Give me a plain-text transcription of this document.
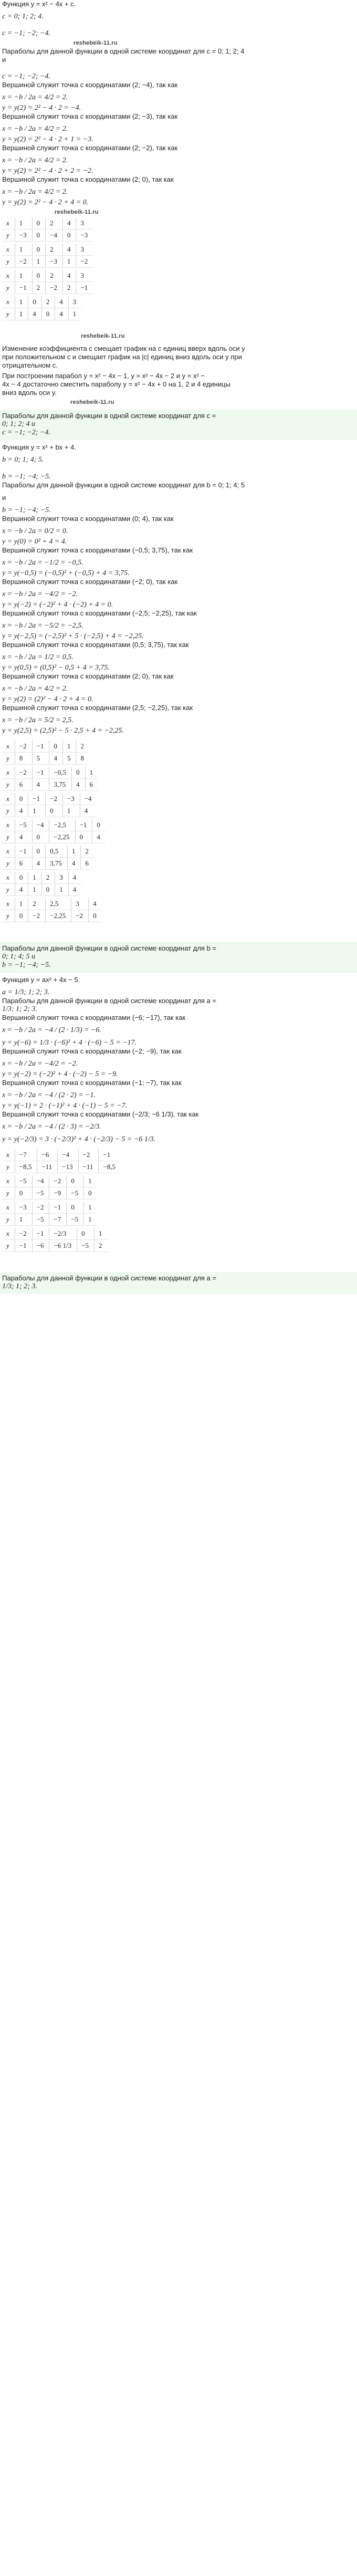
Функция y = x² − 4x + c.

c = 0; 1; 2; 4.

c = −1; −2; −4.

reshebeik-11.ru

Параболы для данной функции в одной системе координат для c = 0; 1; 2; 4

и

c = −1; −2; −4.

Вершиной служит точка с координатами (2; −4), так как

x = −b / 2a = 4/2 = 2.

y = y(2) = 2² − 4 · 2 = −4.

Вершиной служит точка с координатами (2; −3), так как

x = −b / 2a = 4/2 = 2.

y = y(2) = 2² − 4 · 2 + 1 = −3.

Вершиной служит точка с координатами (2; −2), так как

x = −b / 2a = 4/2 = 2.

y = y(2) = 2² − 4 · 2 + 2 = −2.

Вершиной служит точка с координатами (2; 0), так как

x = −b / 2a = 4/2 = 2.

y = y(2) = 2² − 4 · 2 + 4 = 0.

reshebeik-11.ru
x	1	0	2	4	3
y	−3	0	−4	0	−3
x	1	0	2	4	3
y	−2	1	−3	1	−2
x	1	0	2	4	3
y	−1	2	−2	2	−1
x	1	0	2	4	3
y	1	4	0	4	1
reshebeik-11.ru

Изменение коэффициента c смещает график на c единиц вверх вдоль оси y

при положительном c и смещает график на |c| единиц вниз вдоль оси y при

отрицательном c.

При построении парабол y = x² − 4x − 1, y = x² − 4x − 2 и y = x² −

4x − 4 достаточно сместить параболу y = x² − 4x + 0 на 1, 2 и 4 единицы

вниз вдоль оси y.

reshebeik-11.ru

Параболы для данной функции в одной системе координат для c =

0; 1; 2; 4 и

c = −1; −2; −4.

Функция y = x² + bx + 4.

b = 0; 1; 4; 5.

b = −1; −4; −5.

Параболы для данной функции в одной системе координат для b = 0; 1; 4; 5

и

b = −1; −4; −5.

Вершиной служит точка с координатами (0; 4), так как

x = −b / 2a = 0/2 = 0.

y = y(0) = 0² + 4 = 4.

Вершиной служит точка с координатами (−0,5; 3,75), так как

x = −b / 2a = −1/2 = −0,5.

y = y(−0,5) = (−0,5)² + (−0,5) + 4 = 3,75.

Вершиной служит точка с координатами (−2; 0), так как

x = −b / 2a = −4/2 = −2.

y = y(−2) = (−2)² + 4 · (−2) + 4 = 0.

Вершиной служит точка с координатами (−2,5; −2,25), так как

x = −b / 2a = −5/2 = −2,5.

y = y(−2,5) = (−2,5)² + 5 · (−2,5) + 4 = −2,25.

Вершиной служит точка с координатами (0,5; 3,75), так как

x = −b / 2a = 1/2 = 0,5.

y = y(0,5) = (0,5)² − 0,5 + 4 = 3,75.

Вершиной служит точка с координатами (2; 0), так как

x = −b / 2a = 4/2 = 2.

y = y(2) = (2)² − 4 · 2 + 4 = 0.

Вершиной служит точка с координатами (2,5; −2,25), так как

x = −b / 2a = 5/2 = 2,5.

y = y(2,5) = (2,5)² − 5 · 2,5 + 4 = −2,25.

x	−2	−1	0	1	2
y	8	5	4	5	8
x	−2	−1	−0,5	0	1
y	6	4	3,75	4	6
x	0	−1	−2	−3	−4
y	4	1	0	1	4
x	−5	−4	−2,5	−1	0
y	4	0	−2,25	0	4
x	−1	0	0,5	1	2
y	6	4	3,75	4	6
x	0	1	2	3	4
y	4	1	0	1	4
x	1	2	2,5	3	4
y	0	−2	−2,25	−2	0

Параболы для данной функции в одной системе координат для b =

0; 1; 4; 5 и

b = −1; −4; −5.

Функция y = ax² + 4x − 5.

a = 1/3; 1; 2; 3.

Параболы для данной функции в одной системе координат для a =

1/3; 1; 2; 3.

Вершиной служит точка с координатами (−6; −17), так как

x = −b / 2a = −4 / (2 · 1/3) = −6.

y = y(−6) = 1/3 · (−6)² + 4 · (−6) − 5 = −17.

Вершиной служит точка с координатами (−2; −9), так как

x = −b / 2a = −4/2 = −2.

y = y(−2) = (−2)² + 4 · (−2) − 5 = −9.

Вершиной служит точка с координатами (−1; −7), так как

x = −b / 2a = −4 / (2 · 2) = −1.

y = y(−1) = 2 · (−1)² + 4 · (−1) − 5 = −7.

Вершиной служит точка с координатами (−2/3; −6 1/3), так как

x = −b / 2a = −4 / (2 · 3) = −2/3.

y = y(−2/3) = 3 · (−2/3)² + 4 · (−2/3) − 5 = −6 1/3.

x	−7	−6	−4	−2	−1
y	−8,5	−11	−13	−11	−8,5
x	−5	−4	−2	0	1
y	0	−5	−9	−5	0
x	−3	−2	−1	0	1
y	1	−5	−7	−5	1
x	−2	−1	−2/3	0	1
y	−1	−6	−6 1/3	−5	2

Параболы для данной функции в одной системе координат для a =

1/3; 1; 2; 3.
